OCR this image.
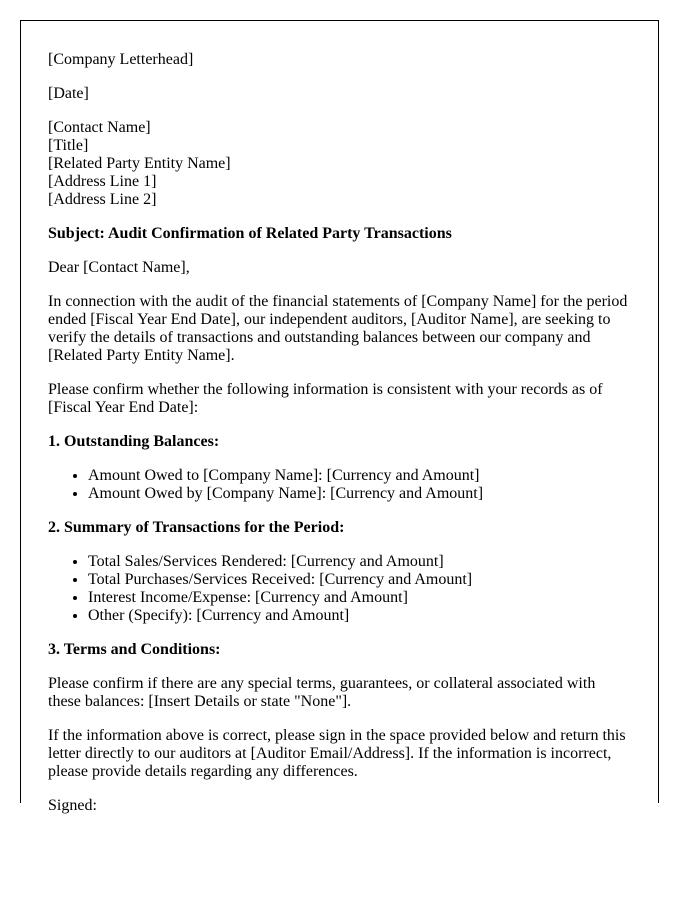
[Company Letterhead]

[Date]

[Contact Name]
[Title]
[Related Party Entity Name]
[Address Line 1]
[Address Line 2]

Subject: Audit Confirmation of Related Party Transactions

Dear [Contact Name],

In connection with the audit of the financial statements of [Company Name] for the period ended [Fiscal Year End Date], our independent auditors, [Auditor Name], are seeking to verify the details of transactions and outstanding balances between our company and [Related Party Entity Name].

Please confirm whether the following information is consistent with your records as of [Fiscal Year End Date]:

1. Outstanding Balances:

• Amount Owed to [Company Name]: [Currency and Amount]
• Amount Owed by [Company Name]: [Currency and Amount]

2. Summary of Transactions for the Period:

• Total Sales/Services Rendered: [Currency and Amount]
• Total Purchases/Services Received: [Currency and Amount]
• Interest Income/Expense: [Currency and Amount]
• Other (Specify): [Currency and Amount]

3. Terms and Conditions:

Please confirm if there are any special terms, guarantees, or collateral associated with these balances: [Insert Details or state "None"].

If the information above is correct, please sign in the space provided below and return this letter directly to our auditors at [Auditor Email/Address]. If the information is incorrect, please provide details regarding any differences.

Signed:
